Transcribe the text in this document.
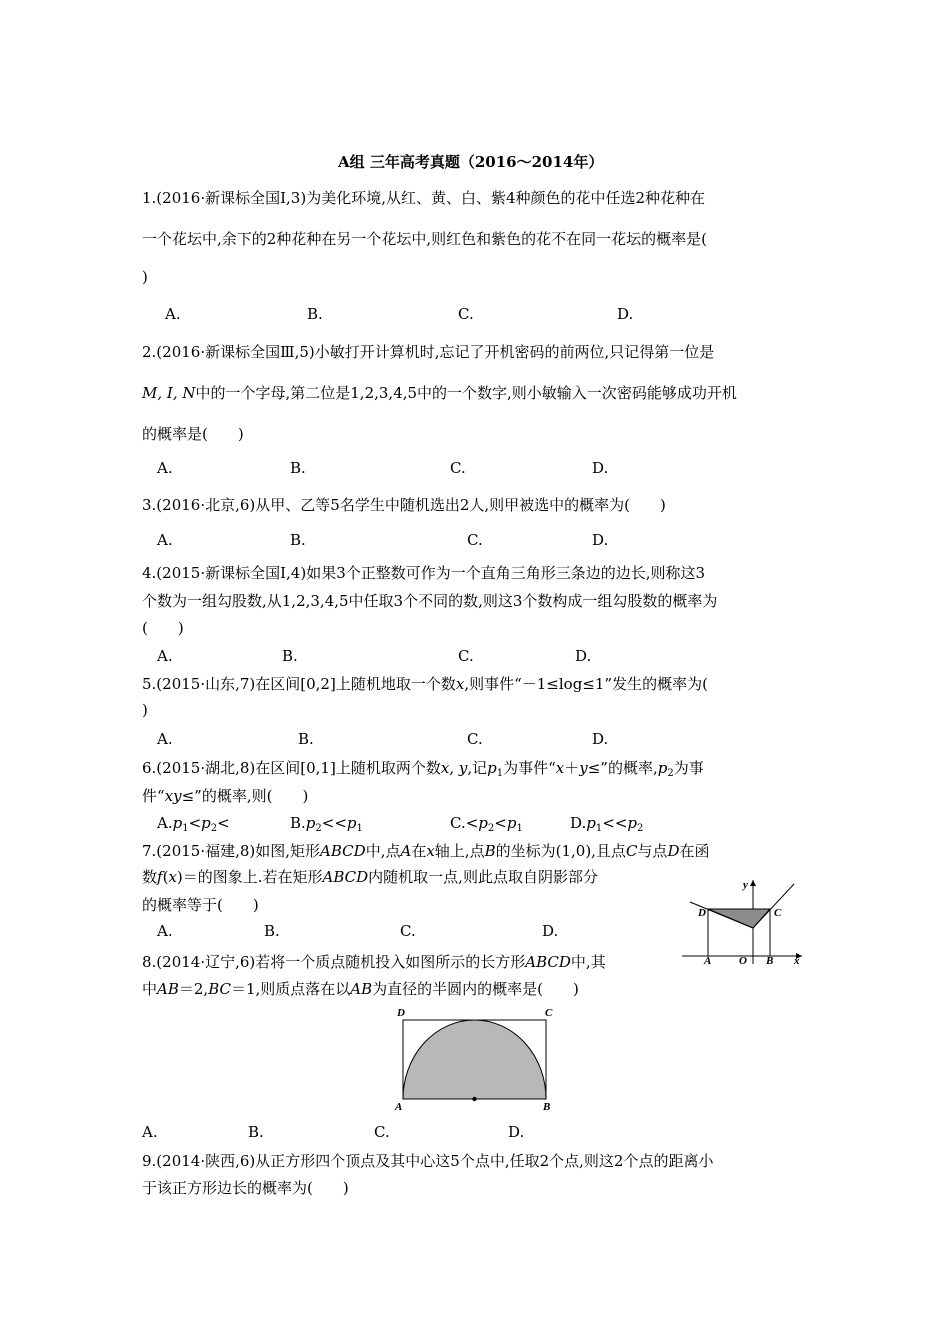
A组 三年高考真题（2016～2014年）
1.(2016·新课标全国Ⅰ,3)为美化环境,从红、黄、白、紫4种颜色的花中任选2种花种在
一个花坛中,余下的2种花种在另一个花坛中,则红色和紫色的花不在同一花坛的概率是(
)
A.	B.	C.	D.
2.(2016·新课标全国Ⅲ,5)小敏打开计算机时,忘记了开机密码的前两位,只记得第一位是
M, I, N中的一个字母,第二位是1,2,3,4,5中的一个数字,则小敏输入一次密码能够成功开机
的概率是(　　)
A.	B.	C.	D.
3.(2016·北京,6)从甲、乙等5名学生中随机选出2人,则甲被选中的概率为(　　)
A.	B.	C.	D.
4.(2015·新课标全国Ⅰ,4)如果3个正整数可作为一个直角三角形三条边的边长,则称这3
个数为一组勾股数,从1,2,3,4,5中任取3个不同的数,则这3个数构成一组勾股数的概率为
(　　)
A.	B.	C.	D.
5.(2015·山东,7)在区间[0,2]上随机地取一个数x,则事件“－1≤log≤1”发生的概率为(
)
A.	B.	C.	D.
6.(2015·湖北,8)在区间[0,1]上随机取两个数x, y,记$p_1$为事件“x＋y≤”的概率$,p_2$为事
件“xy≤”的概率,则(　　)
$A.p_1<p_2<$	$B.p_2<<p_1$	$C.<p_2<p_1$	$D.p_1<<p_2$
7.(2015·福建,8)如图,矩形ABCD中,点A在x轴上,点B的坐标为(1,0),且点C与点D在函
数f(x)＝的图象上.若在矩形ABCD内随机取一点,则此点取自阴影部分
的概率等于(　　)
A.	B.	C.	D.
y
D	C
A	O B x
8.(2014·辽宁,6)若将一个质点随机投入如图所示的长方形ABCD中,其
中AB＝2,BC＝1,则质点落在以AB为直径的半圆内的概率是(　　)
D	C
A	B
A.	B.	C.	D.
9.(2014·陕西,6)从正方形四个顶点及其中心这5个点中,任取2个点,则这2个点的距离小
于该正方形边长的概率为(　　)
